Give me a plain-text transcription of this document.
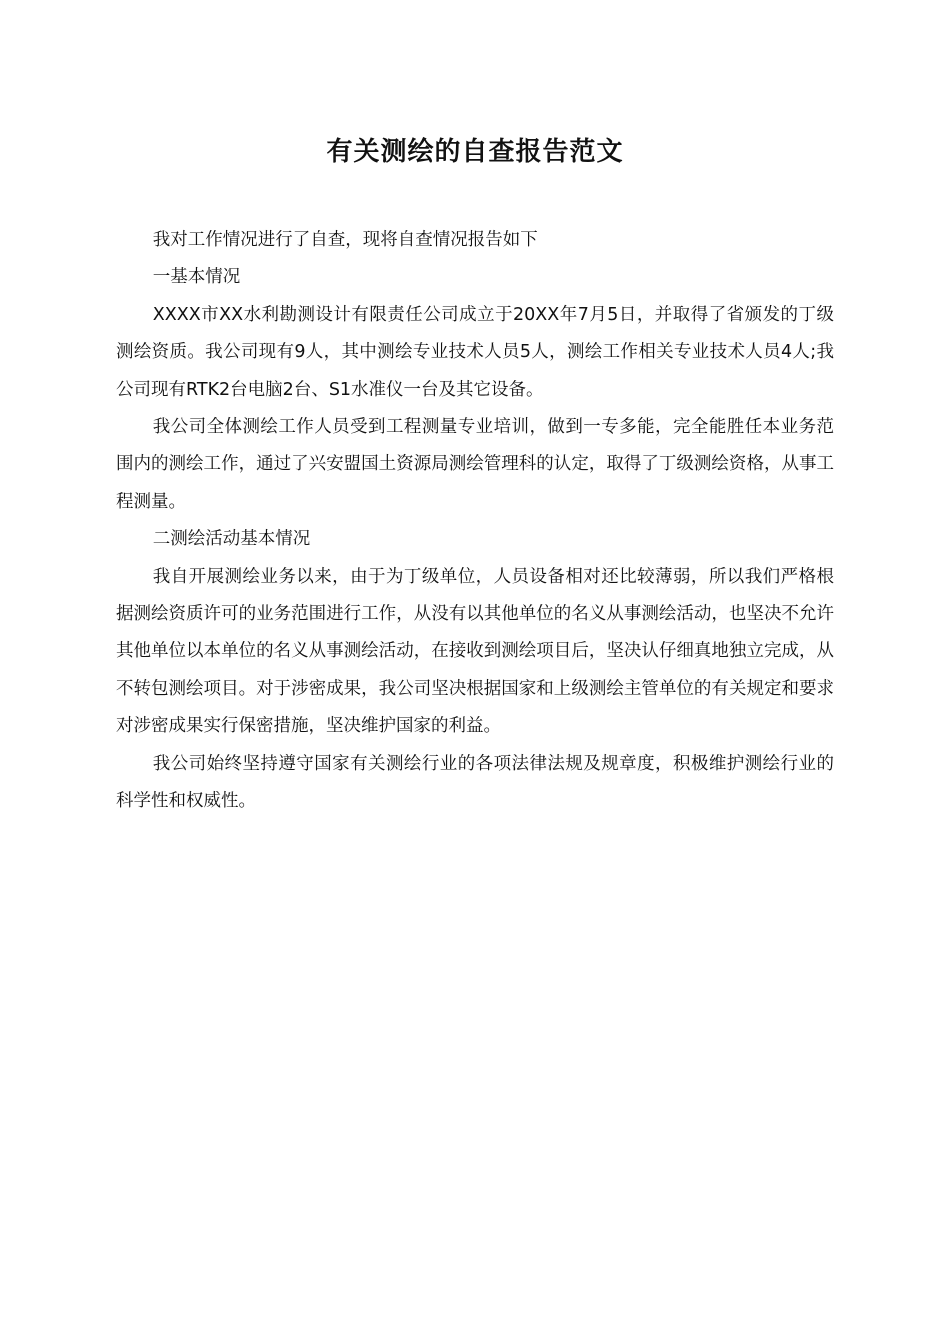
有关测绘的自查报告范文

我对工作情况进行了自查，现将自查情况报告如下

一基本情况

XXXX市XX水利勘测设计有限责任公司成立于20XX年7月5日，并取得了省颁发的丁级测绘资质。我公司现有9人，其中测绘专业技术人员5人，测绘工作相关专业技术人员4人;我公司现有RTK2台电脑2台、S1水准仪一台及其它设备。

我公司全体测绘工作人员受到工程测量专业培训，做到一专多能，完全能胜任本业务范围内的测绘工作，通过了兴安盟国土资源局测绘管理科的认定，取得了丁级测绘资格，从事工程测量。

二测绘活动基本情况

我自开展测绘业务以来，由于为丁级单位，人员设备相对还比较薄弱，所以我们严格根据测绘资质许可的业务范围进行工作，从没有以其他单位的名义从事测绘活动，也坚决不允许其他单位以本单位的名义从事测绘活动，在接收到测绘项目后，坚决认仔细真地独立完成，从不转包测绘项目。对于涉密成果，我公司坚决根据国家和上级测绘主管单位的有关规定和要求对涉密成果实行保密措施，坚决维护国家的利益。

我公司始终坚持遵守国家有关测绘行业的各项法律法规及规章度，积极维护测绘行业的科学性和权威性。
